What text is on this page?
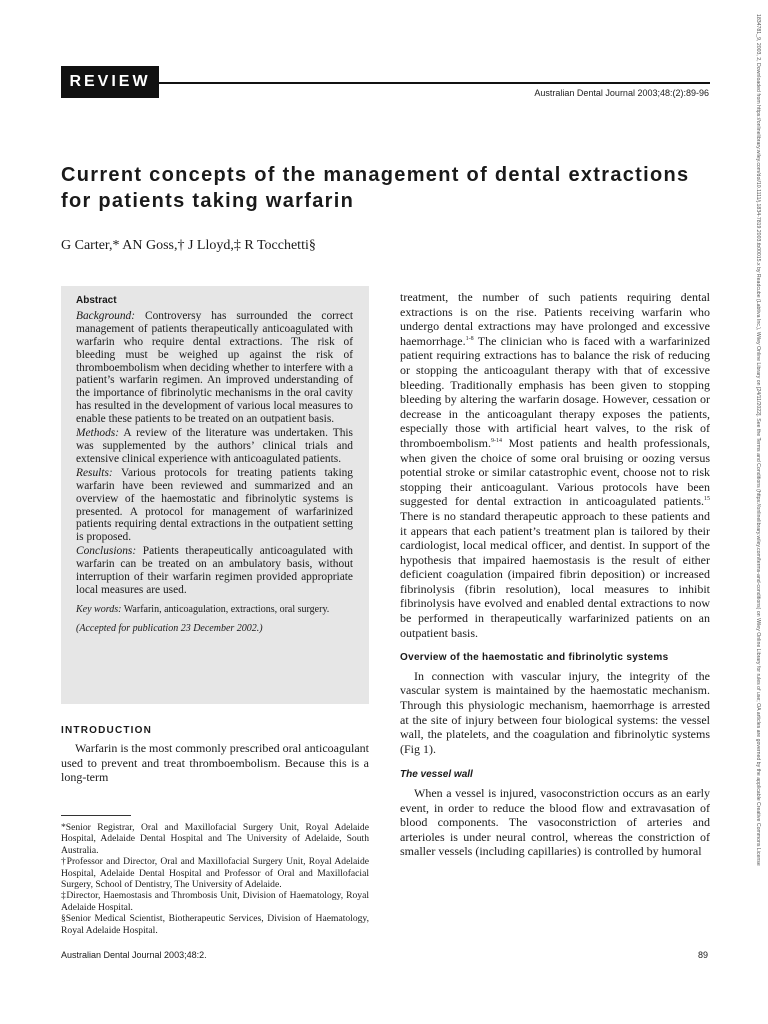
REVIEW
Australian Dental Journal 2003;48:(2):89-96	1834781_9, 2003, 2, Downloaded from https://onlinelibrary.wiley.com/doi/10.1111/j.1834-7819.2003.tb00015.x by Readcube (Labtiva Inc.), Wiley Online Library on [24/11/2022]. See the Terms and Conditions (https://onlinelibrary.wiley.com/terms-and-conditions) on Wiley Online Library for rules of use; OA articles are governed by the applicable Creative Commons License
Current concepts of the management of dental extractions
for patients taking warfarin

G Carter,* AN Goss,† J Lloyd,‡ R Tocchetti§

Abstract

Background: Controversy has surrounded the correct management of patients therapeutically anticoagulated with warfarin who require dental extractions. The risk of bleeding must be weighed up against the risk of thromboembolism when deciding whether to interfere with a patient’s warfarin regimen. An improved understanding of the importance of fibrinolytic mechanisms in the oral cavity has resulted in the development of various local measures to enable these patients to be treated on an outpatient basis.

Methods: A review of the literature was undertaken. This was supplemented by the authors’ clinical trials and extensive clinical experience with anticoagulated patients.

Results: Various protocols for treating patients taking warfarin have been reviewed and summarized and an overview of the haemostatic and fibrinolytic systems is presented. A protocol for management of warfarinized patients requiring dental extractions in the outpatient setting is proposed.

Conclusions: Patients therapeutically anticoagulated with warfarin can be treated on an ambulatory basis, without interruption of their warfarin regimen provided appropriate local measures are used.

Key words: Warfarin, anticoagulation, extractions, oral surgery.

(Accepted for publication 23 December 2002.)

INTRODUCTION

Warfarin is the most commonly prescribed oral anticoagulant used to prevent and treat thromboembolism. Because this is a long-term

*Senior Registrar, Oral and Maxillofacial Surgery Unit, Royal Adelaide Hospital, Adelaide Dental Hospital and The University of Adelaide, South Australia.

†Professor and Director, Oral and Maxillofacial Surgery Unit, Royal Adelaide Hospital, Adelaide Dental Hospital and Professor of Oral and Maxillofacial Surgery, School of Dentistry, The University of Adelaide.

‡Director, Haemostasis and Thrombosis Unit, Division of Haematology, Royal Adelaide Hospital.

§Senior Medical Scientist, Biotherapeutic Services, Division of Haematology, Royal Adelaide Hospital.

treatment, the number of such patients requiring dental extractions is on the rise. Patients receiving warfarin who undergo dental extractions may have prolonged and excessive haemorrhage.$^{1-8}$ The clinician who is faced with a warfarinized patient requiring extractions has to balance the risk of reducing or stopping the anticoagulant therapy with that of excessive bleeding. Traditionally emphasis has been given to stopping bleeding by altering the warfarin dosage. However, cessation or decrease in the anticoagulant therapy exposes the patients, especially those with artificial heart valves, to the risk of thromboembolism.$^{9-14}$ Most patients and health professionals, when given the choice of some oral bruising or oozing versus potential stroke or similar catastrophic event, choose not to risk stopping their anticoagulant. Various protocols have been suggested for dental extraction in anticoagulated patients.$^{15}$ There is no standard therapeutic approach to these patients and it appears that each patient’s treatment plan is tailored by their cardiologist, local medical officer, and dentist. In support of the hypothesis that impaired haemostasis is the result of either deficient coagulation (impaired fibrin deposition) or increased fibrinolysis (fibrin resolution), local measures to inhibit fibrinolysis have evolved and enabled dental extractions to now be performed in therapeutically warfarinized patients on an outpatient basis.

Overview of the haemostatic and fibrinolytic systems

In connection with vascular injury, the integrity of the vascular system is maintained by the haemostatic mechanism. Through this physiologic mechanism, haemorrhage is arrested at the site of injury between four biological systems: the vessel wall, the platelets, and the coagulation and fibrinolytic systems (Fig 1).

The vessel wall

When a vessel is injured, vasoconstriction occurs as an early event, in order to reduce the blood flow and extravasation of blood components. The vasoconstriction of arteries and arterioles is under neural control, whereas the constriction of smaller vessels (including capillaries) is controlled by humoral

Australian Dental Journal 2003;48:2.	89
